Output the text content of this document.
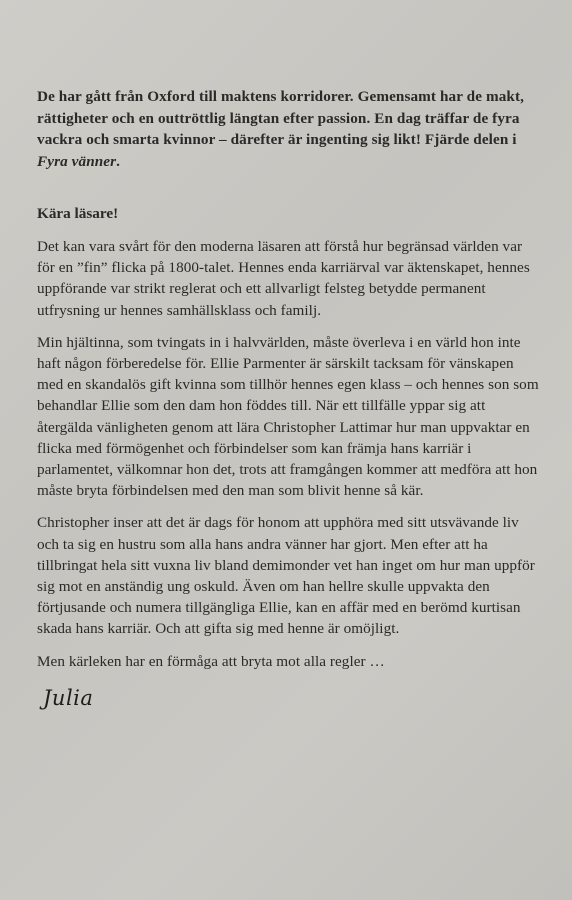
De har gått från Oxford till maktens korridorer. Gemensamt har de makt, rättigheter och en outtröttlig längtan efter passion. En dag träffar de fyra vackra och smarta kvinnor – därefter är ingenting sig likt! Fjärde delen i Fyra vänner.

Kära läsare!

Det kan vara svårt för den moderna läsaren att förstå hur begränsad världen var för en ”fin” flicka på 1800-talet. Hennes enda karriärval var äktenskapet, hennes uppförande var strikt reglerat och ett allvarligt felsteg betydde permanent utfrysning ur hennes samhällsklass och familj.

Min hjältinna, som tvingats in i halvvärlden, måste överleva i en värld hon inte haft någon förberedelse för. Ellie Parmenter är särskilt tacksam för vänskapen med en skandalös gift kvinna som tillhör hennes egen klass – och hennes son som behandlar Ellie som den dam hon föddes till. När ett tillfälle yppar sig att återgälda vänligheten genom att lära Christopher Lattimar hur man uppvaktar en flicka med förmögenhet och förbindelser som kan främja hans karriär i parlamentet, välkomnar hon det, trots att framgången kommer att medföra att hon måste bryta förbindelsen med den man som blivit henne så kär.

Christopher inser att det är dags för honom att upphöra med sitt utsvävande liv och ta sig en hustru som alla hans andra vänner har gjort. Men efter att ha tillbringat hela sitt vuxna liv bland demimonder vet han inget om hur man uppför sig mot en anständig ung oskuld. Även om han hellre skulle uppvakta den förtjusande och numera tillgängliga Ellie, kan en affär med en berömd kurtisan skada hans karriär. Och att gifta sig med henne är omöjligt.

Men kärleken har en förmåga att bryta mot alla regler …

Julia
